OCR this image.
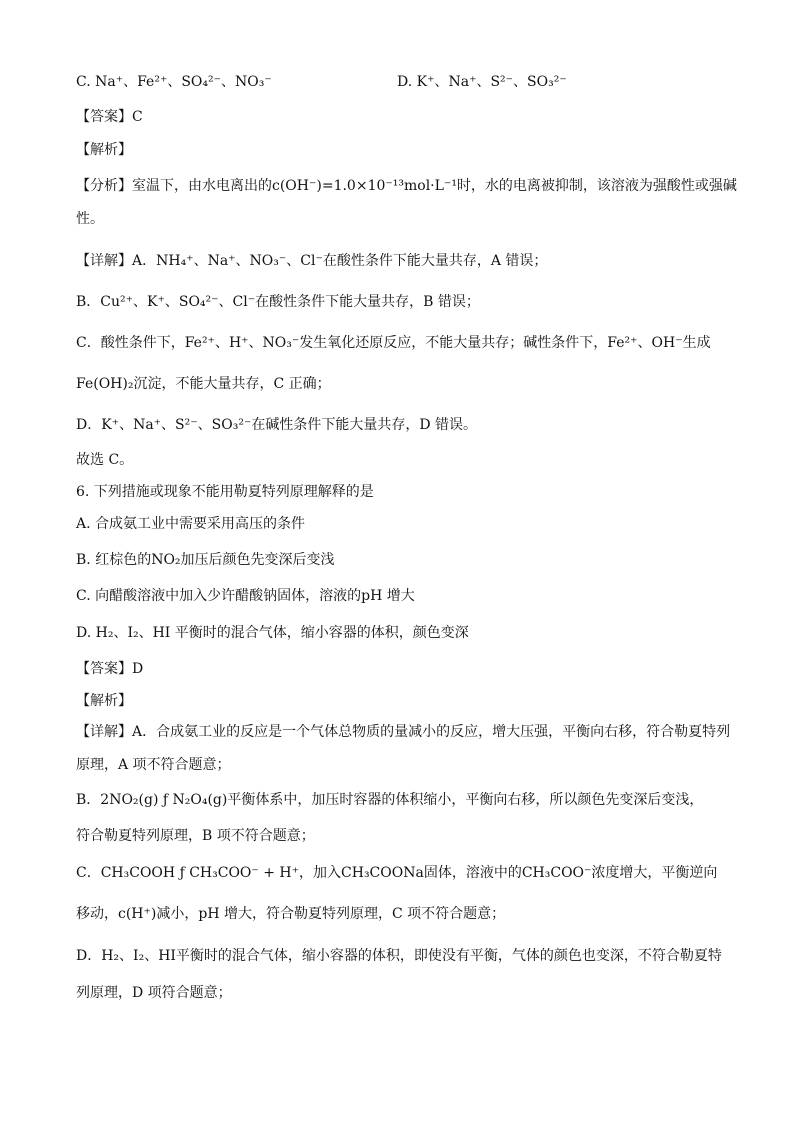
C. Na⁺、Fe²⁺、SO₄²⁻、NO₃⁻	D. K⁺、Na⁺、S²⁻、SO₃²⁻
【答案】C
【解析】
【分析】室温下，由水电离出的c(OH⁻)=1.0×10⁻¹³mol·L⁻¹时，水的电离被抑制，该溶液为强酸性或强碱
性。
【详解】A．NH₄⁺、Na⁺、NO₃⁻、Cl⁻在酸性条件下能大量共存，A 错误；
B．Cu²⁺、K⁺、SO₄²⁻、Cl⁻在酸性条件下能大量共存，B 错误；
C．酸性条件下，Fe²⁺、H⁺、NO₃⁻发生氧化还原反应，不能大量共存；碱性条件下，Fe²⁺、OH⁻生成
Fe(OH)₂沉淀，不能大量共存，C 正确；
D．K⁺、Na⁺、S²⁻、SO₃²⁻在碱性条件下能大量共存，D 错误。
故选 C。
6. 下列措施或现象不能用勒夏特列原理解释的是
A. 合成氨工业中需要采用高压的条件
B. 红棕色的NO₂加压后颜色先变深后变浅
C. 向醋酸溶液中加入少许醋酸钠固体，溶液的pH 增大
D. H₂、I₂、HI 平衡时的混合气体，缩小容器的体积，颜色变深
【答案】D
【解析】
【详解】A．合成氨工业的反应是一个气体总物质的量减小的反应，增大压强，平衡向右移，符合勒夏特列
原理，A 项不符合题意；
B．2NO₂(g) ƒ N₂O₄(g)平衡体系中，加压时容器的体积缩小，平衡向右移，所以颜色先变深后变浅，
符合勒夏特列原理，B 项不符合题意；
C．CH₃COOH ƒ CH₃COO⁻ + H⁺，加入CH₃COONa固体，溶液中的CH₃COO⁻浓度增大，平衡逆向
移动，c(H⁺)减小，pH 增大，符合勒夏特列原理，C 项不符合题意；
D．H₂、I₂、HI平衡时的混合气体，缩小容器的体积，即使没有平衡，气体的颜色也变深，不符合勒夏特
列原理，D 项符合题意；
